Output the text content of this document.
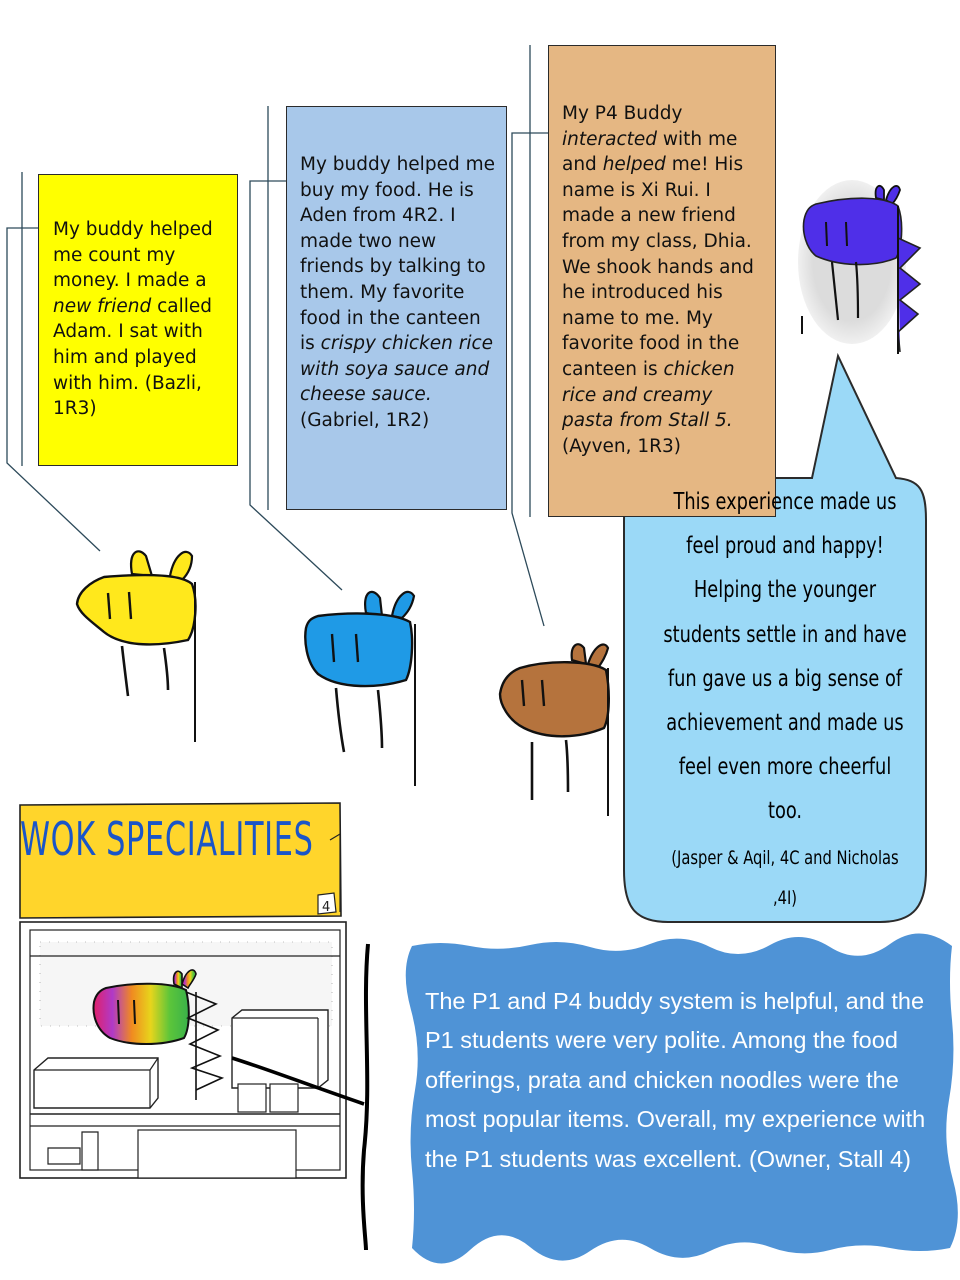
My buddy helped me count my money. I made a new friend called Adam. I sat with him and played with him. (Bazli, 1R3)

My buddy helped me buy my food. He is Aden from 4R2. I made two new friends by talking to them. My favorite food in the canteen is crispy chicken rice with soya sauce and cheese sauce. (Gabriel, 1R2)

My P4 Buddy interacted with me and helped me! His name is Xi Rui. I made a new friend from my class, Dhia. We shook hands and he introduced his name to me. My favorite food in the canteen is chicken rice and creamy pasta from Stall 5. (Ayven, 1R3)

This experience made us feel proud and happy! Helping the younger students settle in and have fun gave us a big sense of achievement and made us feel even more cheerful too.
(Jasper & Aqil, 4C and Nicholas ,4I)
WOK SPECIALITIES
4
The P1 and P4 buddy system is helpful, and the P1 students were very polite. Among the food offerings, prata and chicken noodles were the most popular items. Overall, my experience with the P1 students was excellent. (Owner, Stall 4)
